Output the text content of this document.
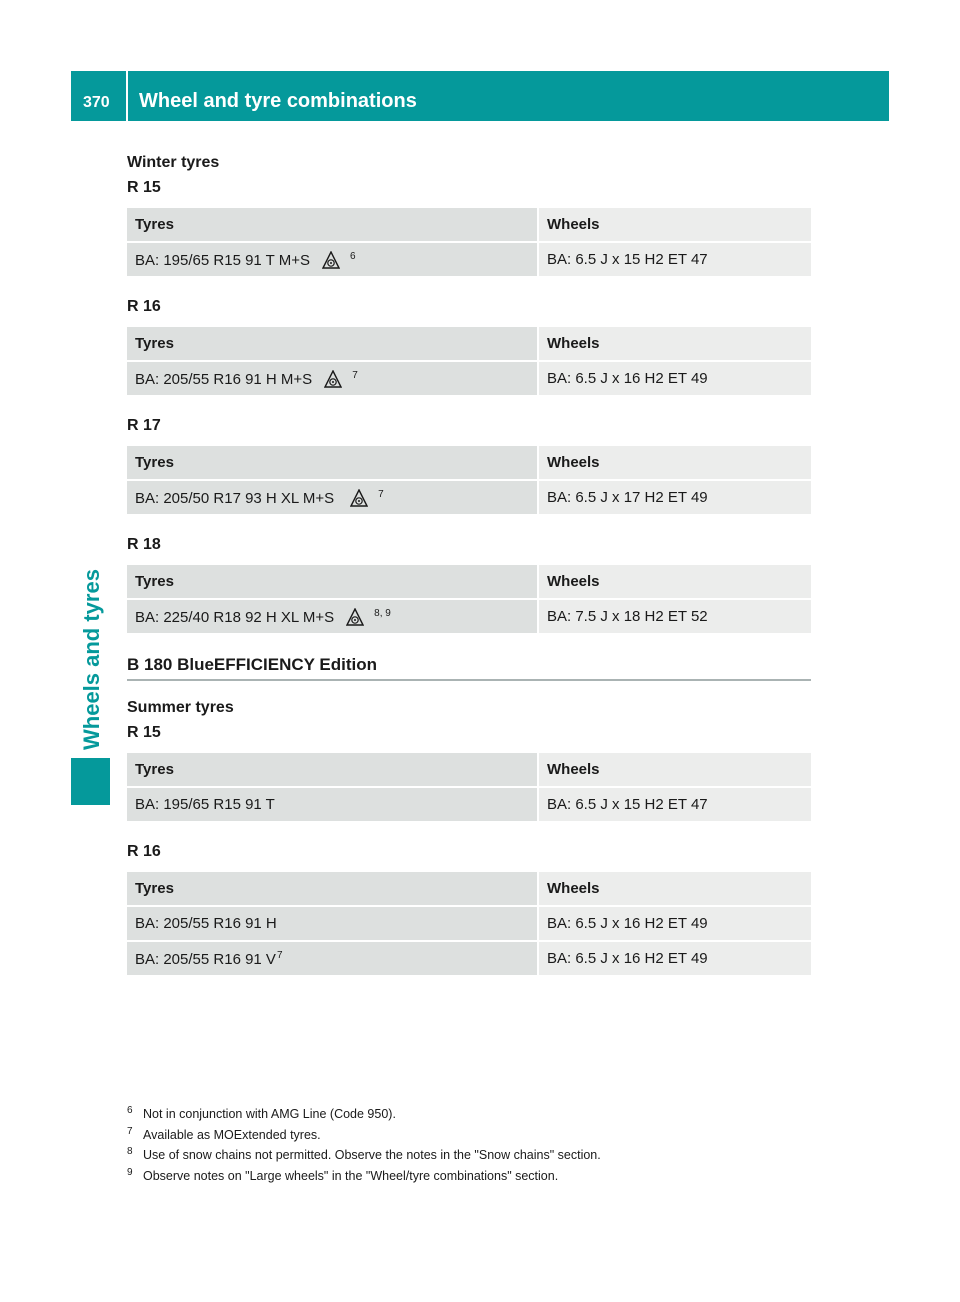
370 Wheel and tyre combinations
Wheels and tyres
Winter tyres
R 15
Tyres	Wheels
BA: 195/65 R15 91 T M+S $^6$	BA: 6.5 J x 15 H2 ET 47
R 16
Tyres	Wheels
BA: 205/55 R16 91 H M+S $^7$	BA: 6.5 J x 16 H2 ET 49
R 17
Tyres	Wheels
BA: 205/50 R17 93 H XL M+S $^7$	BA: 6.5 J x 17 H2 ET 49
R 18
Tyres	Wheels
BA: 225/40 R18 92 H XL M+S $^{8, 9}$	BA: 7.5 J x 18 H2 ET 52
B 180 BlueEFFICIENCY Edition
Summer tyres
R 15
Tyres	Wheels
BA: 195/65 R15 91 T	BA: 6.5 J x 15 H2 ET 47
R 16
Tyres	Wheels
BA: 205/55 R16 91 H	BA: 6.5 J x 16 H2 ET 49
BA: 205/55 R16 91 $V^7$	BA: 6.5 J x 16 H2 ET 49
6 Not in conjunction with AMG Line (Code 950).
7 Available as MOExtended tyres.
8 Use of snow chains not permitted. Observe the notes in the "Snow chains" section.
9 Observe notes on "Large wheels" in the "Wheel/tyre combinations" section.
